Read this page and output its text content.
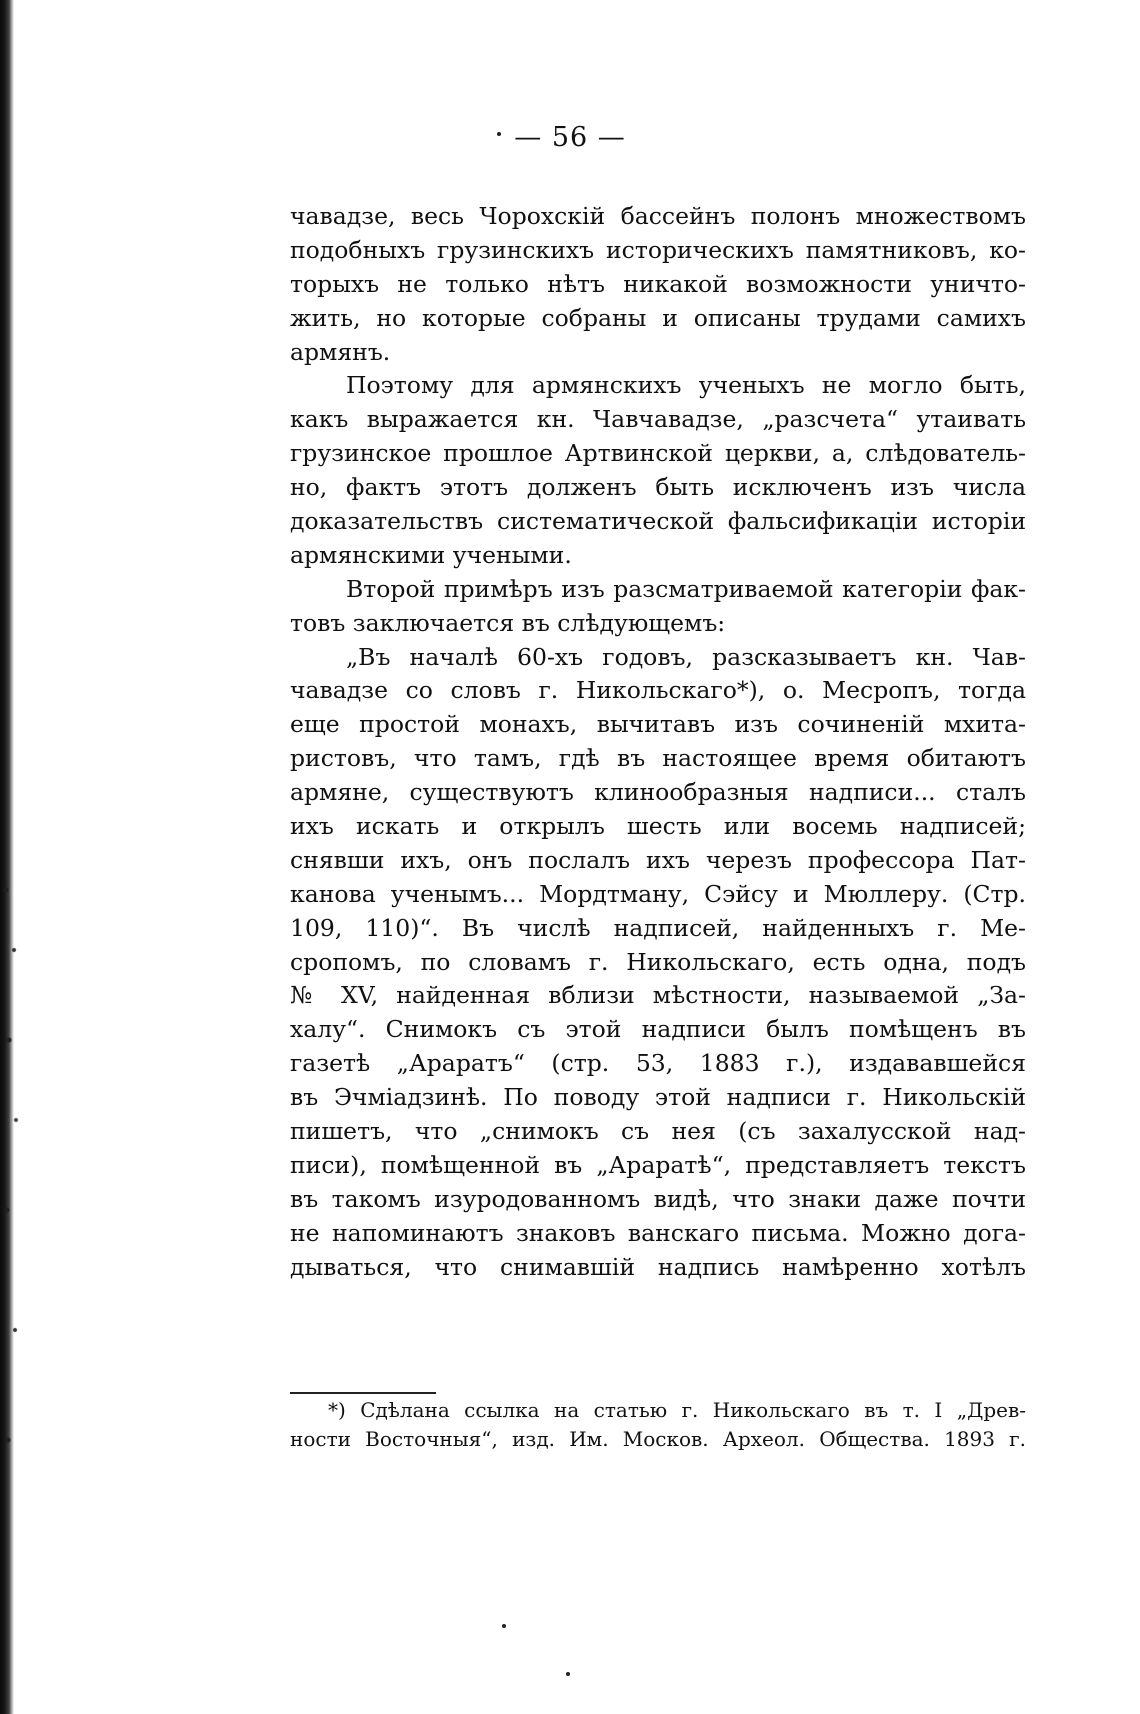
— 56 —
чавадзе, весь Чорохскій бассейнъ полонъ множествомъ
подобныхъ грузинскихъ историческихъ памятниковъ, ко-
торыхъ не только нѣтъ никакой возможности уничто-
жить, но которые собраны и описаны трудами самихъ
армянъ.
Поэтому для армянскихъ ученыхъ не могло быть,
какъ выражается кн. Чавчавадзе, „разсчета“ утаивать
грузинское прошлое Артвинской церкви, а, слѣдователь-
но, фактъ этотъ долженъ быть исключенъ изъ числа
доказательствъ систематической фальсификаціи исторіи
армянскими учеными.
Второй примѣръ изъ разсматриваемой категоріи фак-
товъ заключается въ слѣдующемъ:
„Въ началѣ 60-хъ годовъ, разсказываетъ кн. Чав-
чавадзе со словъ г. Никольскаго*), о. Месропъ, тогда
еще простой монахъ, вычитавъ изъ сочиненій мхита-
ристовъ, что тамъ, гдѣ въ настоящее время обитаютъ
армяне, существуютъ клинообразныя надписи... сталъ
ихъ искать и открылъ шесть или восемь надписей;
снявши ихъ, онъ послалъ ихъ черезъ профессора Пат-
канова ученымъ... Мордтману, Сэйсу и Мюллеру. (Стр.
109, 110)“. Въ числѣ надписей, найденныхъ г. Ме-
сропомъ, по словамъ г. Никольскаго, есть одна, подъ
№ XV, найденная вблизи мѣстности, называемой „За-
халу“. Снимокъ съ этой надписи былъ помѣщенъ въ
газетѣ „Араратъ“ (стр. 53, 1883 г.), издававшейся
въ Эчміадзинѣ. По поводу этой надписи г. Никольскій
пишетъ, что „снимокъ съ нея (съ захалусской над-
писи), помѣщенной въ „Араратѣ“, представляетъ текстъ
въ такомъ изуродованномъ видѣ, что знаки даже почти
не напоминаютъ знаковъ ванскаго письма. Можно дога-
дываться, что снимавшій надпись намѣренно хотѣлъ
*) Сдѣлана ссылка на статью г. Никольскаго въ т. I „Древ-
ности Восточныя“, изд. Им. Москов. Археол. Общества. 1893 г.
